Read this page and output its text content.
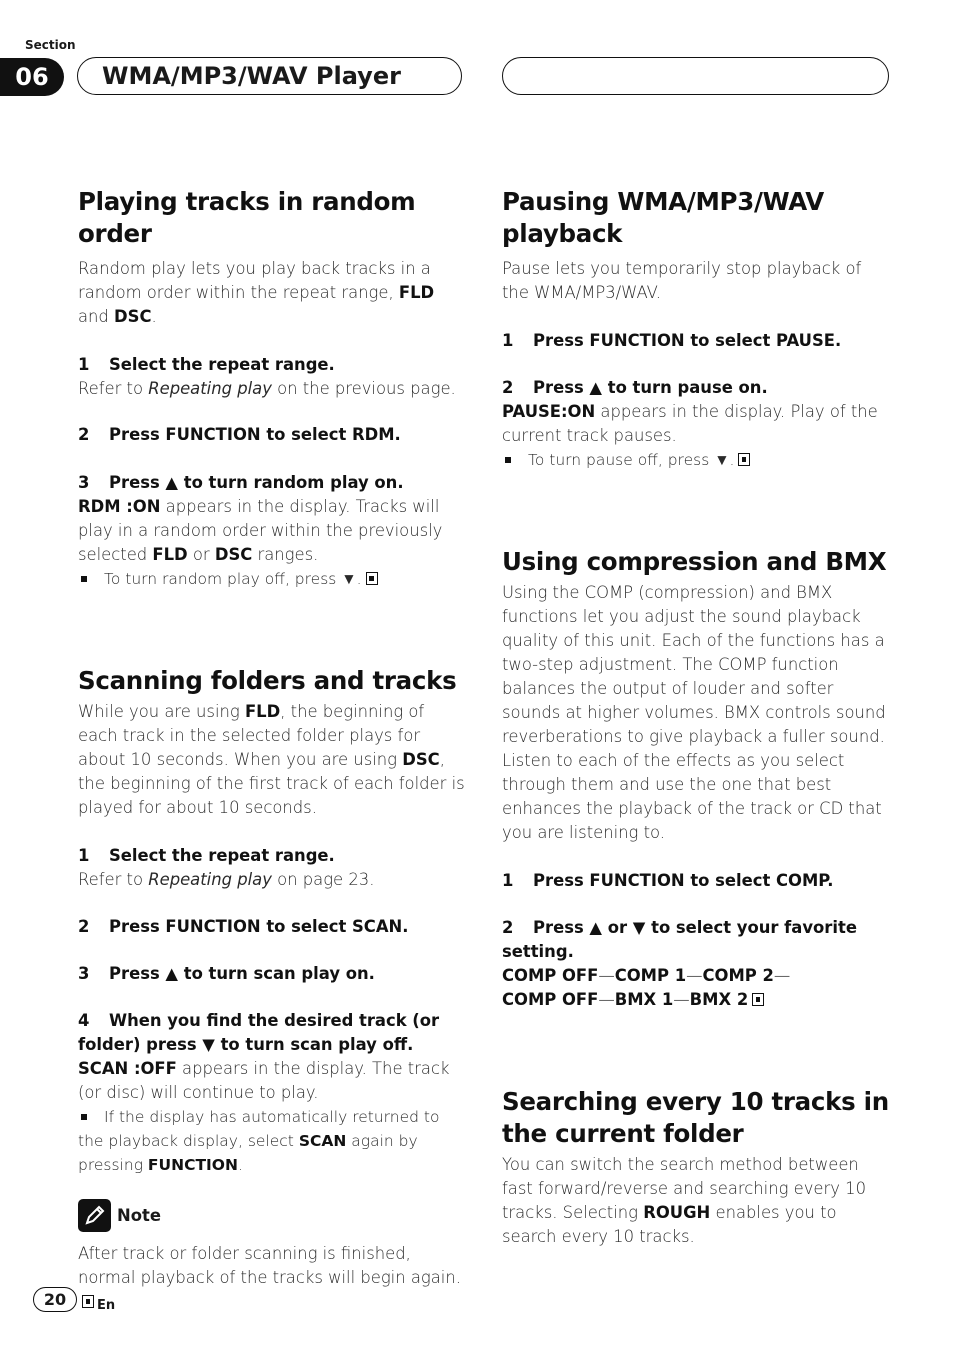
Section
06	WMA/MP3/WAV Player
Playing tracks in random order

Random play lets you play back tracks in a random order within the repeat range, FLD and DSC.

1 Select the repeat range.

Refer to Repeating play on the previous page.

2 Press FUNCTION to select RDM.

3 Press ▲ to turn random play on.

RDM :ON appears in the display. Tracks will play in a random order within the previously selected FLD or DSC ranges.

To turn random play off, press ▼.

Scanning folders and tracks

While you are using FLD, the beginning of each track in the selected folder plays for about 10 seconds. When you are using DSC, the beginning of the first track of each folder is played for about 10 seconds.

1 Select the repeat range.

Refer to Repeating play on page 23.

2 Press FUNCTION to select SCAN.

3 Press ▲ to turn scan play on.

4 When you find the desired track (or folder) press ▼ to turn scan play off.

SCAN :OFF appears in the display. The track (or disc) will continue to play.

If the display has automatically returned to the playback display, select SCAN again by pressing FUNCTION.

Note

After track or folder scanning is finished, normal playback of the tracks will begin again.

Pausing WMA/MP3/WAV playback

Pause lets you temporarily stop playback of the WMA/MP3/WAV.

1 Press FUNCTION to select PAUSE.

2 Press ▲ to turn pause on.

PAUSE:ON appears in the display. Play of the current track pauses.

To turn pause off, press ▼.

Using compression and BMX

Using the COMP (compression) and BMX functions let you adjust the sound playback quality of this unit. Each of the functions has a two-step adjustment. The COMP function balances the output of louder and softer sounds at higher volumes. BMX controls sound reverberations to give playback a fuller sound. Listen to each of the effects as you select through them and use the one that best enhances the playback of the track or CD that you are listening to.

1 Press FUNCTION to select COMP.

2 Press ▲ or ▼ to select your favorite setting.

COMP OFF—COMP 1—COMP 2—

COMP OFF—BMX 1—BMX 2

Searching every 10 tracks in the current folder

You can switch the search method between fast forward/reverse and searching every 10 tracks. Selecting ROUGH enables you to search every 10 tracks.

20	En
